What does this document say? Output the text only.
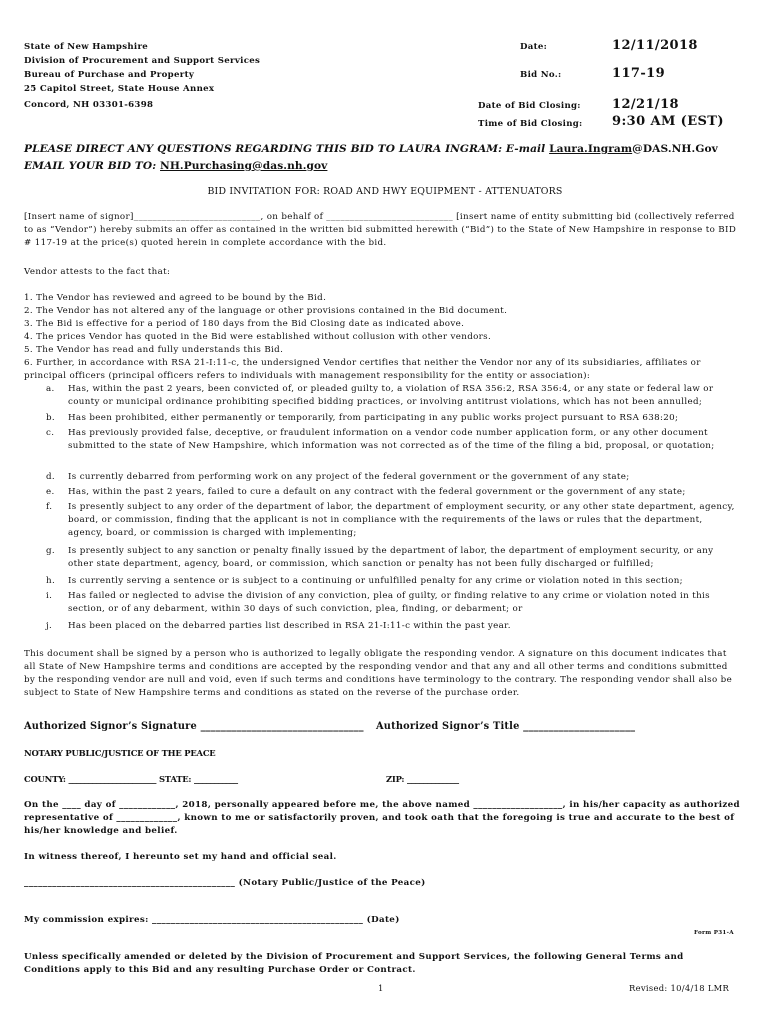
State of New Hampshire
Division of Procurement and Support Services
Bureau of Purchase and Property
25 Capitol Street, State House Annex
Concord, NH 03301-6398
Date:	12/11/2018
Bid No.:	117-19
Date of Bid Closing: 12/21/18
Time of Bid Closing: 9:30 AM (EST)
PLEASE DIRECT ANY QUESTIONS REGARDING THIS BID TO LAURA INGRAM: E-mail Laura.Ingram@DAS.NH.Gov
EMAIL YOUR BID TO: NH.Purchasing@das.nh.gov
BID INVITATION FOR: ROAD AND HWY EQUIPMENT - ATTENUATORS
[Insert name of signor]___________________________, on behalf of ___________________________ [insert name of entity submitting bid (collectively referred to as “Vendor”) hereby submits an offer as contained in the written bid submitted herewith (“Bid”) to the State of New Hampshire in response to BID # 117-19 at the price(s) quoted herein in complete accordance with the bid.
Vendor attests to the fact that:
1. The Vendor has reviewed and agreed to be bound by the Bid.
2. The Vendor has not altered any of the language or other provisions contained in the Bid document.
3. The Bid is effective for a period of 180 days from the Bid Closing date as indicated above.
4. The prices Vendor has quoted in the Bid were established without collusion with other vendors.
5. The Vendor has read and fully understands this Bid.
6. Further, in accordance with RSA 21-I:11-c, the undersigned Vendor certifies that neither the Vendor nor any of its subsidiaries, affiliates or principal officers (principal officers refers to individuals with management responsibility for the entity or association):
a. Has, within the past 2 years, been convicted of, or pleaded guilty to, a violation of RSA 356:2, RSA 356:4, or any state or federal law or county or municipal ordinance prohibiting specified bidding practices, or involving antitrust violations, which has not been annulled;
b. Has been prohibited, either permanently or temporarily, from participating in any public works project pursuant to RSA 638:20;
c. Has previously provided false, deceptive, or fraudulent information on a vendor code number application form, or any other document submitted to the state of New Hampshire, which information was not corrected as of the time of the filing a bid, proposal, or quotation;
d. Is currently debarred from performing work on any project of the federal government or the government of any state;
e. Has, within the past 2 years, failed to cure a default on any contract with the federal government or the government of any state;
f. Is presently subject to any order of the department of labor, the department of employment security, or any other state department, agency, board, or commission, finding that the applicant is not in compliance with the requirements of the laws or rules that the department, agency, board, or commission is charged with implementing;
g. Is presently subject to any sanction or penalty finally issued by the department of labor, the department of employment security, or any other state department, agency, board, or commission, which sanction or penalty has not been fully discharged or fulfilled;
h. Is currently serving a sentence or is subject to a continuing or unfulfilled penalty for any crime or violation noted in this section;
i. Has failed or neglected to advise the division of any conviction, plea of guilty, or finding relative to any crime or violation noted in this section, or of any debarment, within 30 days of such conviction, plea, finding, or debarment; or
j. Has been placed on the debarred parties list described in RSA 21-I:11-c within the past year.
This document shall be signed by a person who is authorized to legally obligate the responding vendor. A signature on this document indicates that all State of New Hampshire terms and conditions are accepted by the responding vendor and that any and all other terms and conditions submitted by the responding vendor are null and void, even if such terms and conditions have terminology to the contrary. The responding vendor shall also be subject to State of New Hampshire terms and conditions as stated on the reverse of the purchase order.
Authorized Signor’s Signature ________________________________ Authorized Signor’s Title ______________________
NOTARY PUBLIC/JUSTICE OF THE PEACE
COUNTY: ______________________ STATE: ___________	ZIP: _____________
On the ____ day of ____________, 2018, personally appeared before me, the above named ___________________, in his/her capacity as authorized representative of _____________, known to me or satisfactorily proven, and took oath that the foregoing is true and accurate to the best of his/her knowledge and belief.
In witness thereof, I hereunto set my hand and official seal.
_____________________________________________ (Notary Public/Justice of the Peace)
My commission expires: _____________________________________________ (Date)
Form P31-A
Unless specifically amended or deleted by the Division of Procurement and Support Services, the following General Terms and Conditions apply to this Bid and any resulting Purchase Order or Contract.
1	Revised: 10/4/18 LMR
